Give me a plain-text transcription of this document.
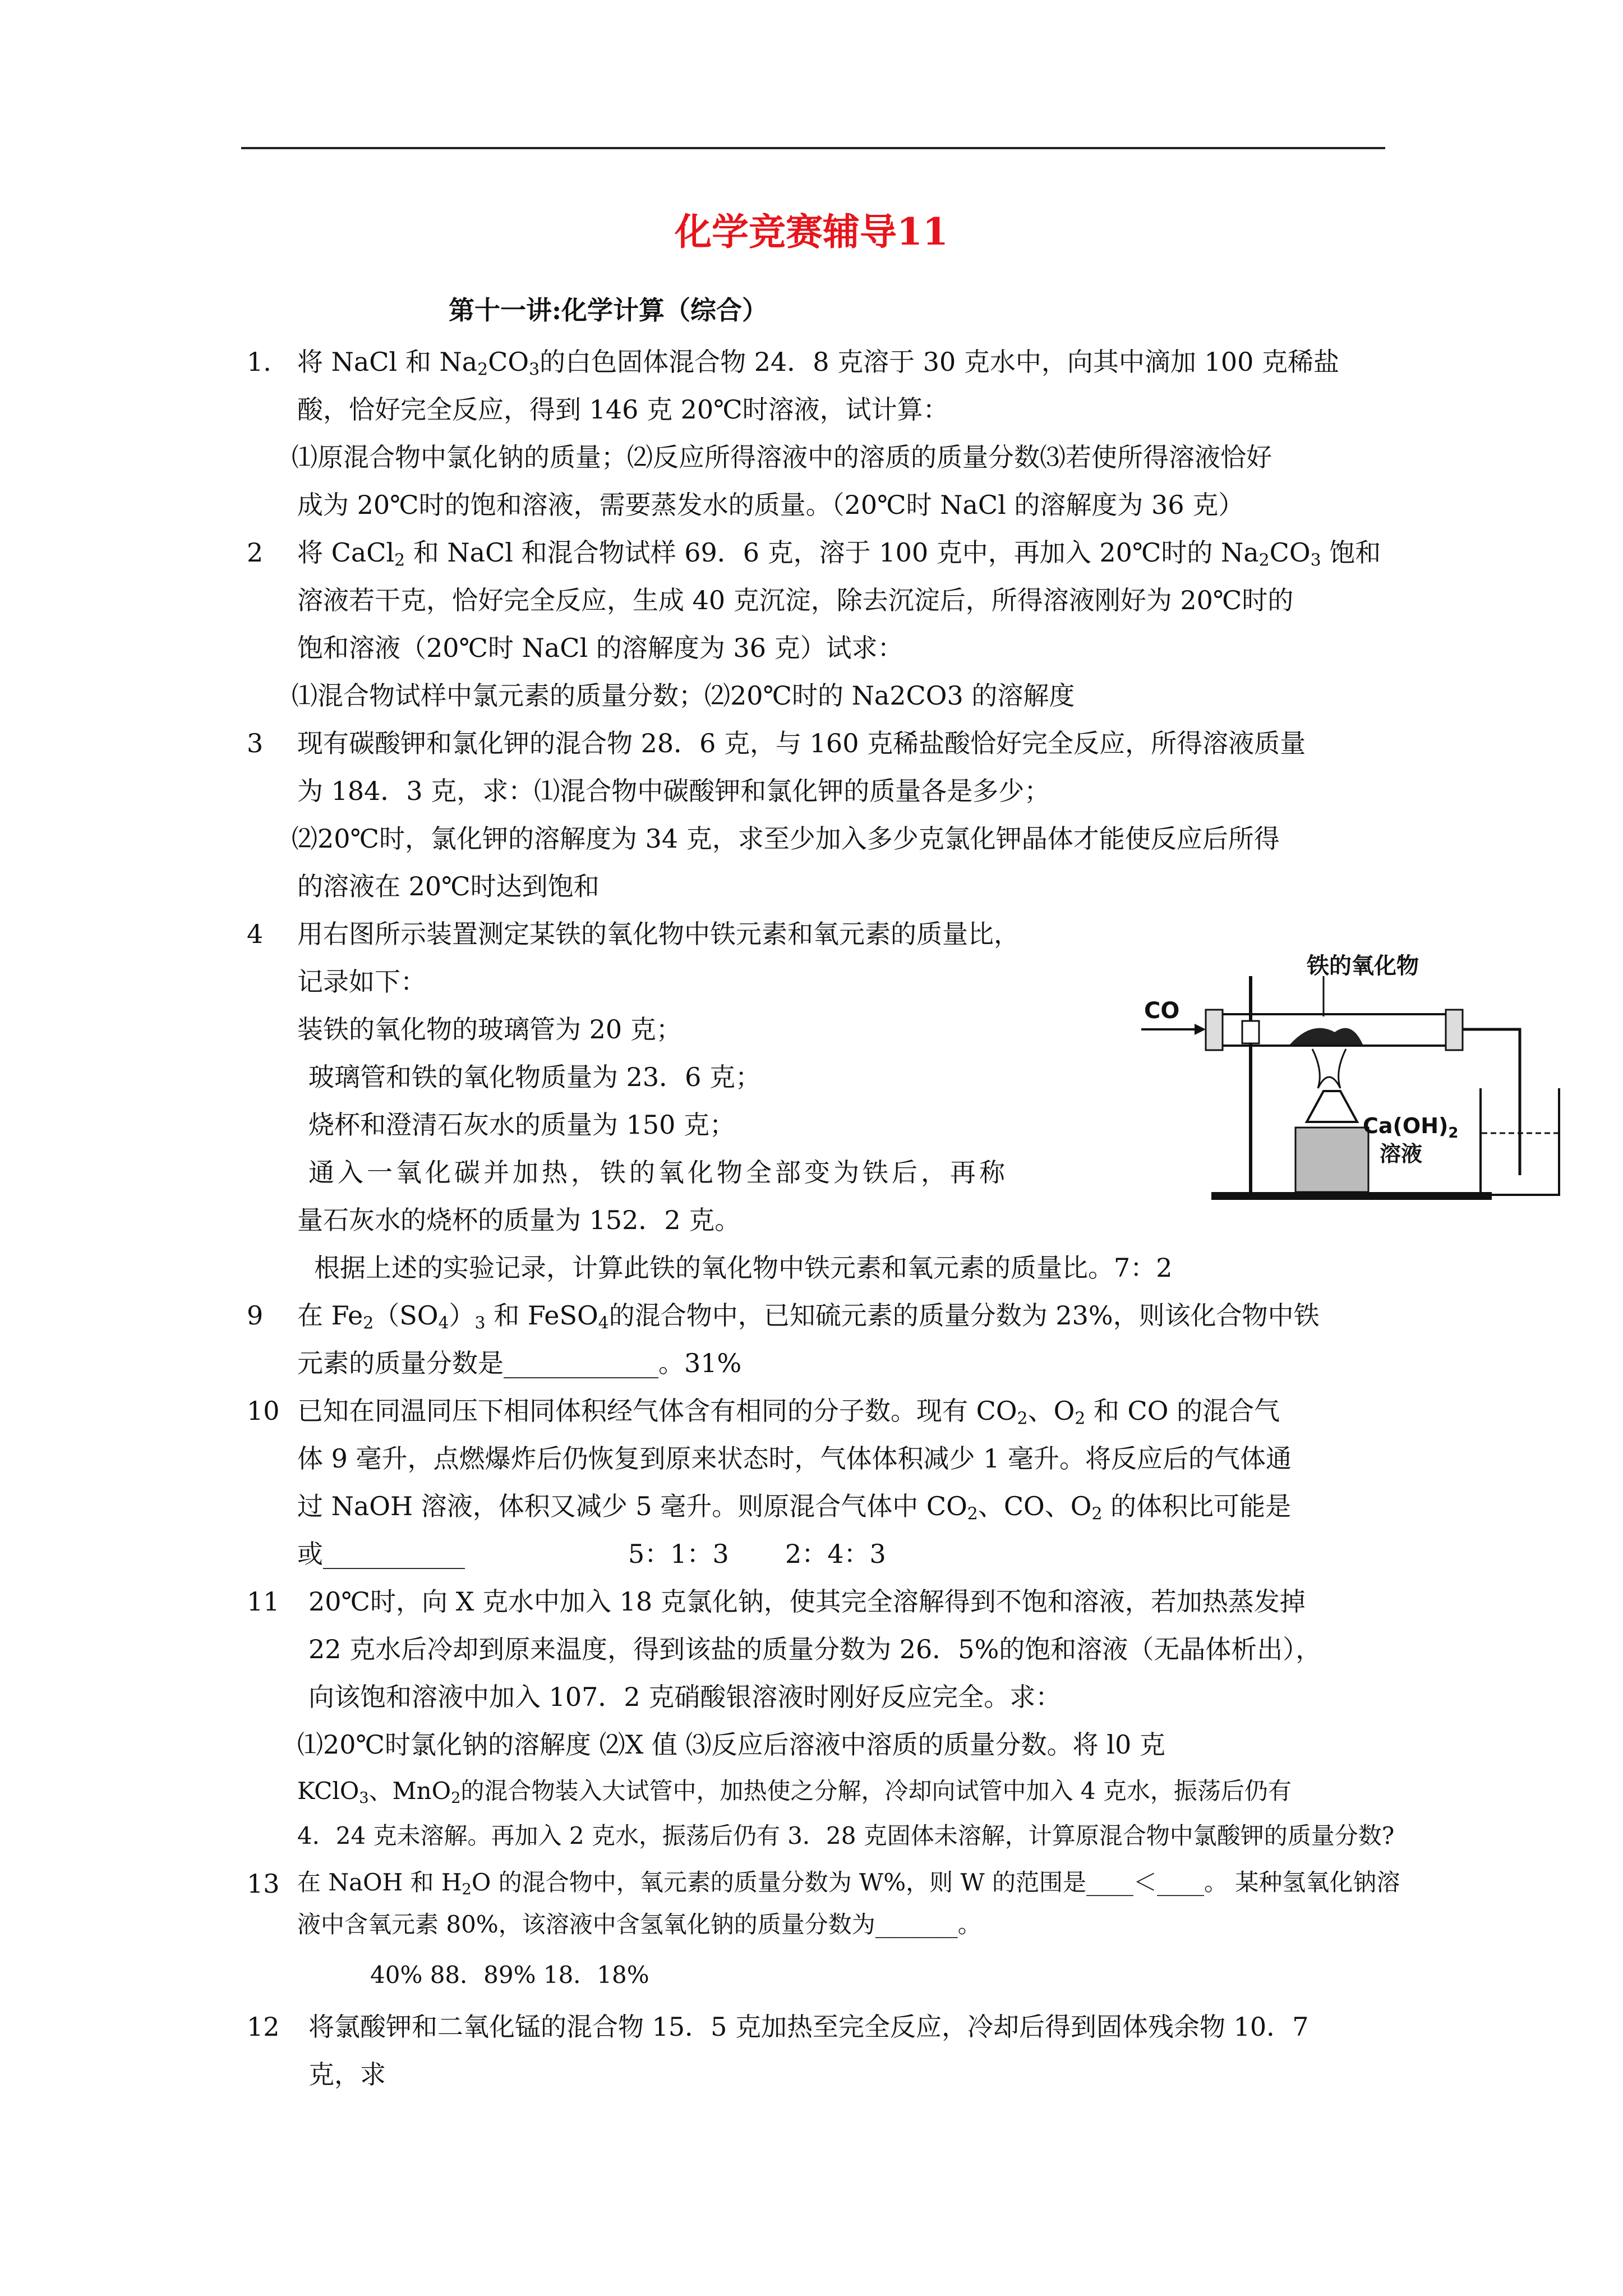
化学竞赛辅导11
第十一讲:化学计算（综合）
1. 将 NaCl 和 $Na_2CO_3$的白色固体混合物 24．8 克溶于 30 克水中，向其中滴加 100 克稀盐
酸，恰好完全反应，得到 146 克 20℃时溶液，试计算：
⑴原混合物中氯化钠的质量；⑵反应所得溶液中的溶质的质量分数⑶若使所得溶液恰好
成为 20℃时的饱和溶液，需要蒸发水的质量。（20℃时 NaCl 的溶解度为 36 克）
2 将 CaCl$_2$ 和 NaCl 和混合物试样 69．6 克，溶于 100 克中，再加入 20℃时的 $Na_2CO_3$ 饱和
溶液若干克，恰好完全反应，生成 40 克沉淀，除去沉淀后，所得溶液刚好为 20℃时的
饱和溶液（20℃时 NaCl 的溶解度为 36 克）试求：
⑴混合物试样中氯元素的质量分数；⑵20℃时的 Na2CO3 的溶解度
3 现有碳酸钾和氯化钾的混合物 28．6 克，与 160 克稀盐酸恰好完全反应，所得溶液质量
为 184．3 克，求：⑴混合物中碳酸钾和氯化钾的质量各是多少；
⑵20℃时，氯化钾的溶解度为 34 克，求至少加入多少克氯化钾晶体才能使反应后所得
的溶液在 20℃时达到饱和
4 用右图所示装置测定某铁的氧化物中铁元素和氧元素的质量比，
记录如下：
装铁的氧化物的玻璃管为 20 克；
玻璃管和铁的氧化物质量为 23．6 克；
烧杯和澄清石灰水的质量为 150 克；
通入一氧化碳并加热，铁的氧化物全部变为铁后，再称
量石灰水的烧杯的质量为 152．2 克。
根据上述的实验记录，计算此铁的氧化物中铁元素和氧元素的质量比。7：2
CO
铁的氧化物
$Ca(OH)_2$
溶液
9 在 $Fe_2(SO_4)_3$ 和 FeSO$_4$的混合物中，已知硫元素的质量分数为 23%，则该化合物中铁
元素的质量分数是____________。31%
10 已知在同温同压下相同体积经气体含有相同的分子数。现有 $CO_2$、$O_2$ 和 CO 的混合气
体 9 毫升，点燃爆炸后仍恢复到原来状态时，气体体积减少 1 毫升。将反应后的气体通
过 NaOH 溶液，体积又减少 5 毫升。则原混合气体中 $CO_2$、CO、$O_2$ 的体积比可能是
或___________	5：1：3 2：4：3
11 20℃时，向 X 克水中加入 18 克氯化钠，使其完全溶解得到不饱和溶液，若加热蒸发掉
22 克水后冷却到原来温度，得到该盐的质量分数为 26．5%的饱和溶液（无晶体析出），
向该饱和溶液中加入 107．2 克硝酸银溶液时刚好反应完全。求：
⑴20℃时氯化钠的溶解度 ⑵X 值 ⑶反应后溶液中溶质的质量分数。将 l0 克
KClO$_3$、MnO$_2$的混合物装入大试管中，加热使之分解，冷却向试管中加入 4 克水，振荡后仍有
4．24 克未溶解。再加入 2 克水，振荡后仍有 3．28 克固体未溶解，计算原混合物中氯酸钾的质量分数?
13 在 NaOH 和 $H_2O$ 的混合物中，氧元素的质量分数为 W%，则 W 的范围是____＜____。 某种氢氧化钠溶
液中含氧元素 80%，该溶液中含氢氧化钠的质量分数为_______。
40% 88．89% 18．18%
12 将氯酸钾和二氧化锰的混合物 15．5 克加热至完全反应，冷却后得到固体残余物 10．7
克，求
